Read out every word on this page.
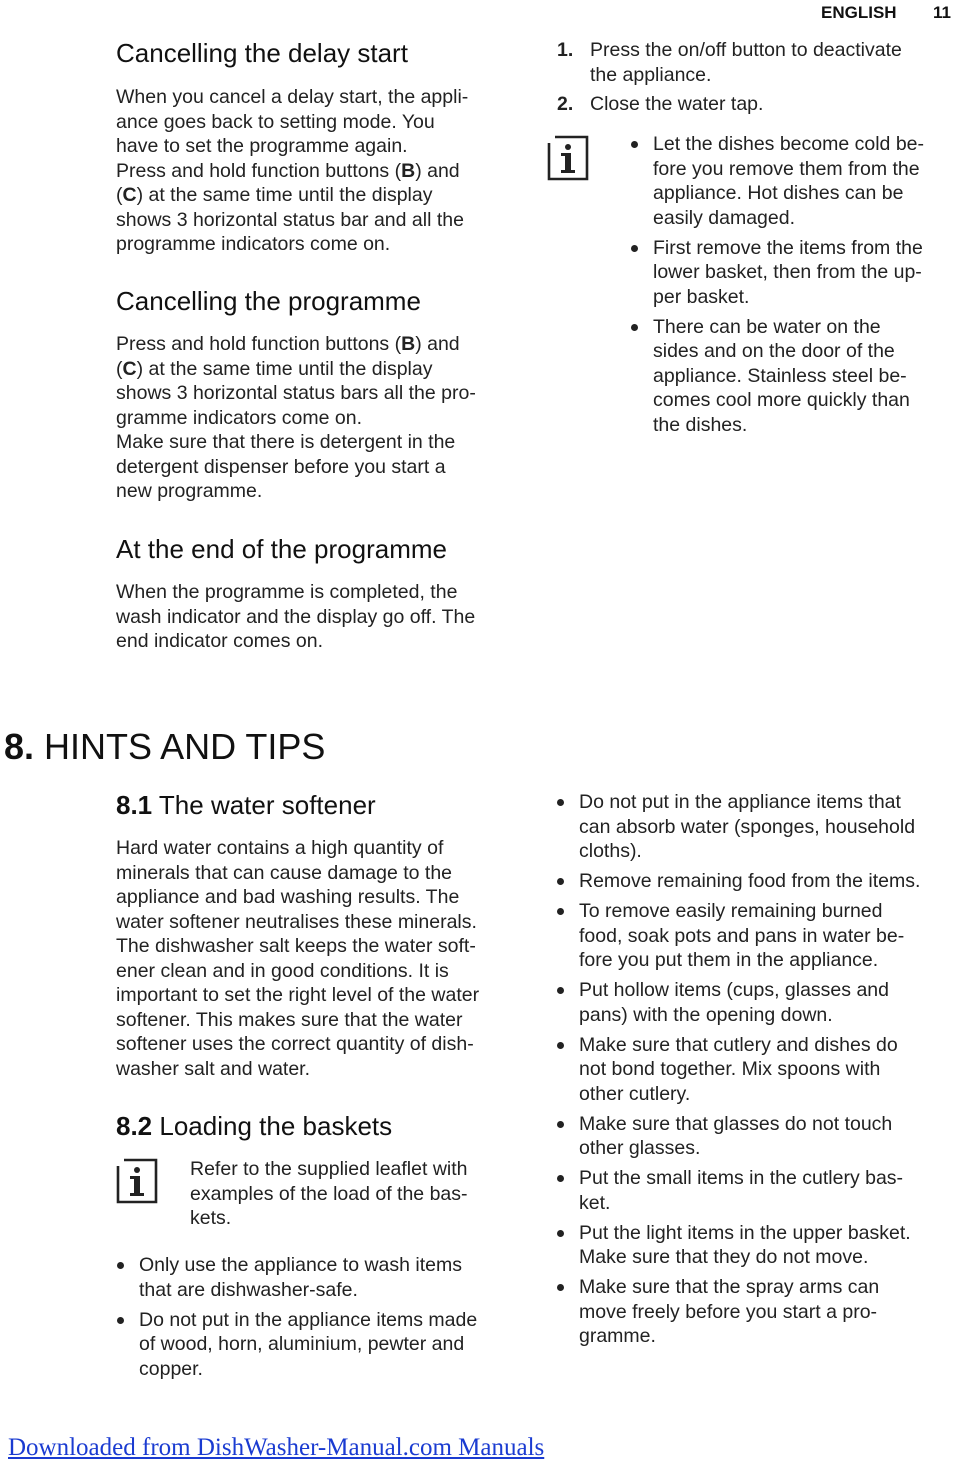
ENGLISH 11
Cancelling the delay start
When you cancel a delay start, the appli-
ance goes back to setting mode. You
have to set the programme again.
Press and hold function buttons (B) and
(C) at the same time until the display
shows 3 horizontal status bar and all the
programme indicators come on.
Cancelling the programme
Press and hold function buttons (B) and
(C) at the same time until the display
shows 3 horizontal status bars all the pro-
gramme indicators come on.
Make sure that there is detergent in the
detergent dispenser before you start a
new programme.
At the end of the programme
When the programme is completed, the
wash indicator and the display go off. The
end indicator comes on.
1. Press the on/off button to deactivate
the appliance.
2. Close the water tap.
Let the dishes become cold be-
fore you remove them from the
appliance. Hot dishes can be
easily damaged.
First remove the items from the
lower basket, then from the up-
per basket.
There can be water on the
sides and on the door of the
appliance. Stainless steel be-
comes cool more quickly than
the dishes.
8. HINTS AND TIPS
8.1 The water softener
Hard water contains a high quantity of
minerals that can cause damage to the
appliance and bad washing results. The
water softener neutralises these minerals.
The dishwasher salt keeps the water soft-
ener clean and in good conditions. It is
important to set the right level of the water
softener. This makes sure that the water
softener uses the correct quantity of dish-
washer salt and water.
8.2 Loading the baskets
Refer to the supplied leaflet with
examples of the load of the bas-
kets.
Only use the appliance to wash items
that are dishwasher-safe.
Do not put in the appliance items made
of wood, horn, aluminium, pewter and
copper.
Do not put in the appliance items that
can absorb water (sponges, household
cloths).
Remove remaining food from the items.
To remove easily remaining burned
food, soak pots and pans in water be-
fore you put them in the appliance.
Put hollow items (cups, glasses and
pans) with the opening down.
Make sure that cutlery and dishes do
not bond together. Mix spoons with
other cutlery.
Make sure that glasses do not touch
other glasses.
Put the small items in the cutlery bas-
ket.
Put the light items in the upper basket.
Make sure that they do not move.
Make sure that the spray arms can
move freely before you start a pro-
gramme.
Downloaded from DishWasher-Manual.com Manuals
